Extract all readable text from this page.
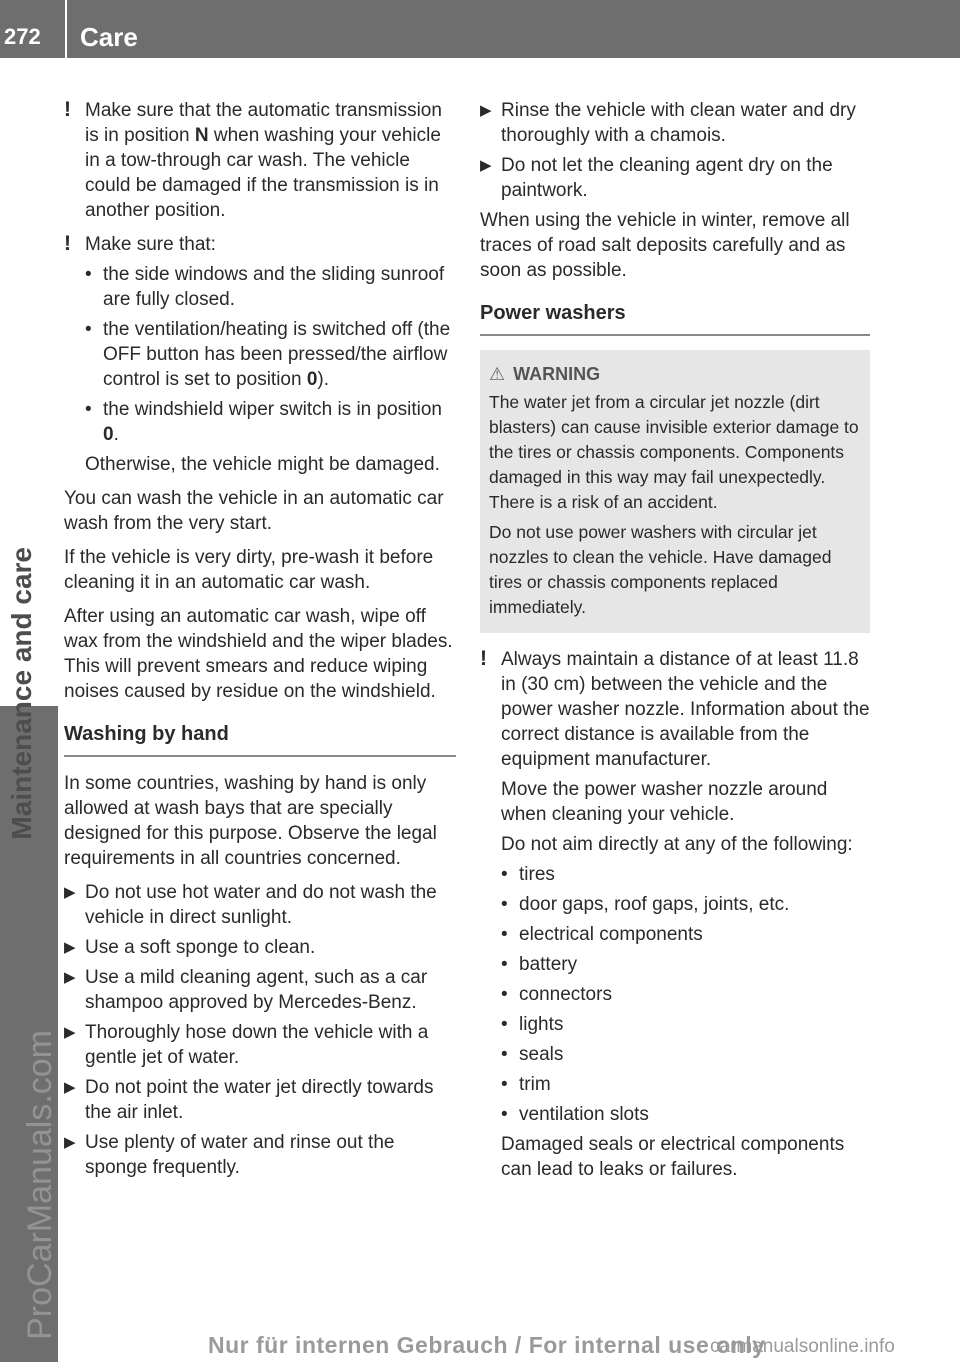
272 Care
Maintenance and care
ProCarManuals.com
! Make sure that the automatic transmission is in position N when washing your vehicle in a tow-through car wash. The vehicle could be damaged if the transmission is in another position.

! Make sure that:

• the side windows and the sliding sunroof are fully closed.
• the ventilation/heating is switched off (the OFF button has been pressed/the airflow control is set to position 0).
• the windshield wiper switch is in position 0.

Otherwise, the vehicle might be damaged.

You can wash the vehicle in an automatic car wash from the very start.

If the vehicle is very dirty, pre-wash it before cleaning it in an automatic car wash.

After using an automatic car wash, wipe off wax from the windshield and the wiper blades. This will prevent smears and reduce wiping noises caused by residue on the windshield.

Washing by hand

In some countries, washing by hand is only allowed at wash bays that are specially designed for this purpose. Observe the legal requirements in all countries concerned.

▶ Do not use hot water and do not wash the vehicle in direct sunlight.
▶ Use a soft sponge to clean.
▶ Use a mild cleaning agent, such as a car shampoo approved by Mercedes-Benz.
▶ Thoroughly hose down the vehicle with a gentle jet of water.
▶ Do not point the water jet directly towards the air inlet.
▶ Use plenty of water and rinse out the sponge frequently.
▶ Rinse the vehicle with clean water and dry thoroughly with a chamois.
▶ Do not let the cleaning agent dry on the paintwork.

When using the vehicle in winter, remove all traces of road salt deposits carefully and as soon as possible.

Power washers
⚠ WARNING

The water jet from a circular jet nozzle (dirt blasters) can cause invisible exterior damage to the tires or chassis components. Components damaged in this way may fail unexpectedly. There is a risk of an accident.

Do not use power washers with circular jet nozzles to clean the vehicle. Have damaged tires or chassis components replaced immediately.

! Always maintain a distance of at least 11.8 in (30 cm) between the vehicle and the power washer nozzle. Information about the correct distance is available from the equipment manufacturer.

Move the power washer nozzle around when cleaning your vehicle.

Do not aim directly at any of the following:

• tires
• door gaps, roof gaps, joints, etc.
• electrical components
• battery
• connectors
• lights
• seals
• trim
• ventilation slots

Damaged seals or electrical components can lead to leaks or failures.

Nur für internen Gebrauch / For internal use only
carmanualsonline.info
